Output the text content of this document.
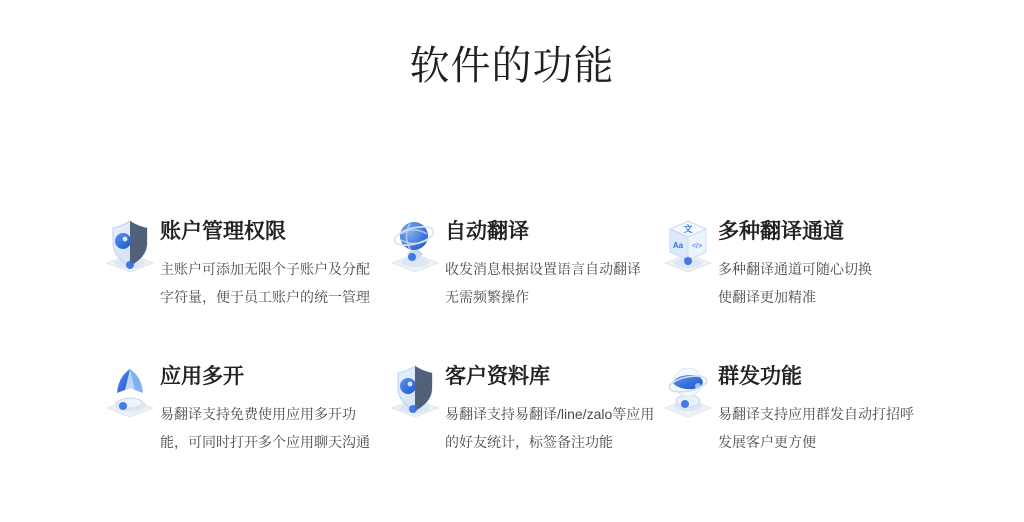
软件的功能
账户管理权限
主账户可添加无限个子账户及分配
字符量，便于员工账户的统一管理
自动翻译
收发消息根据设置语言自动翻译
无需频繁操作
文
Aa </>
多种翻译通道
多种翻译通道可随心切换
使翻译更加精准
应用多开
易翻译支持免费使用应用多开功
能，可同时打开多个应用聊天沟通
客户资料库
易翻译支持易翻译/line/zalo等应用
的好友统计，标签备注功能
群发功能
易翻译支持应用群发自动打招呼
发展客户更方便
